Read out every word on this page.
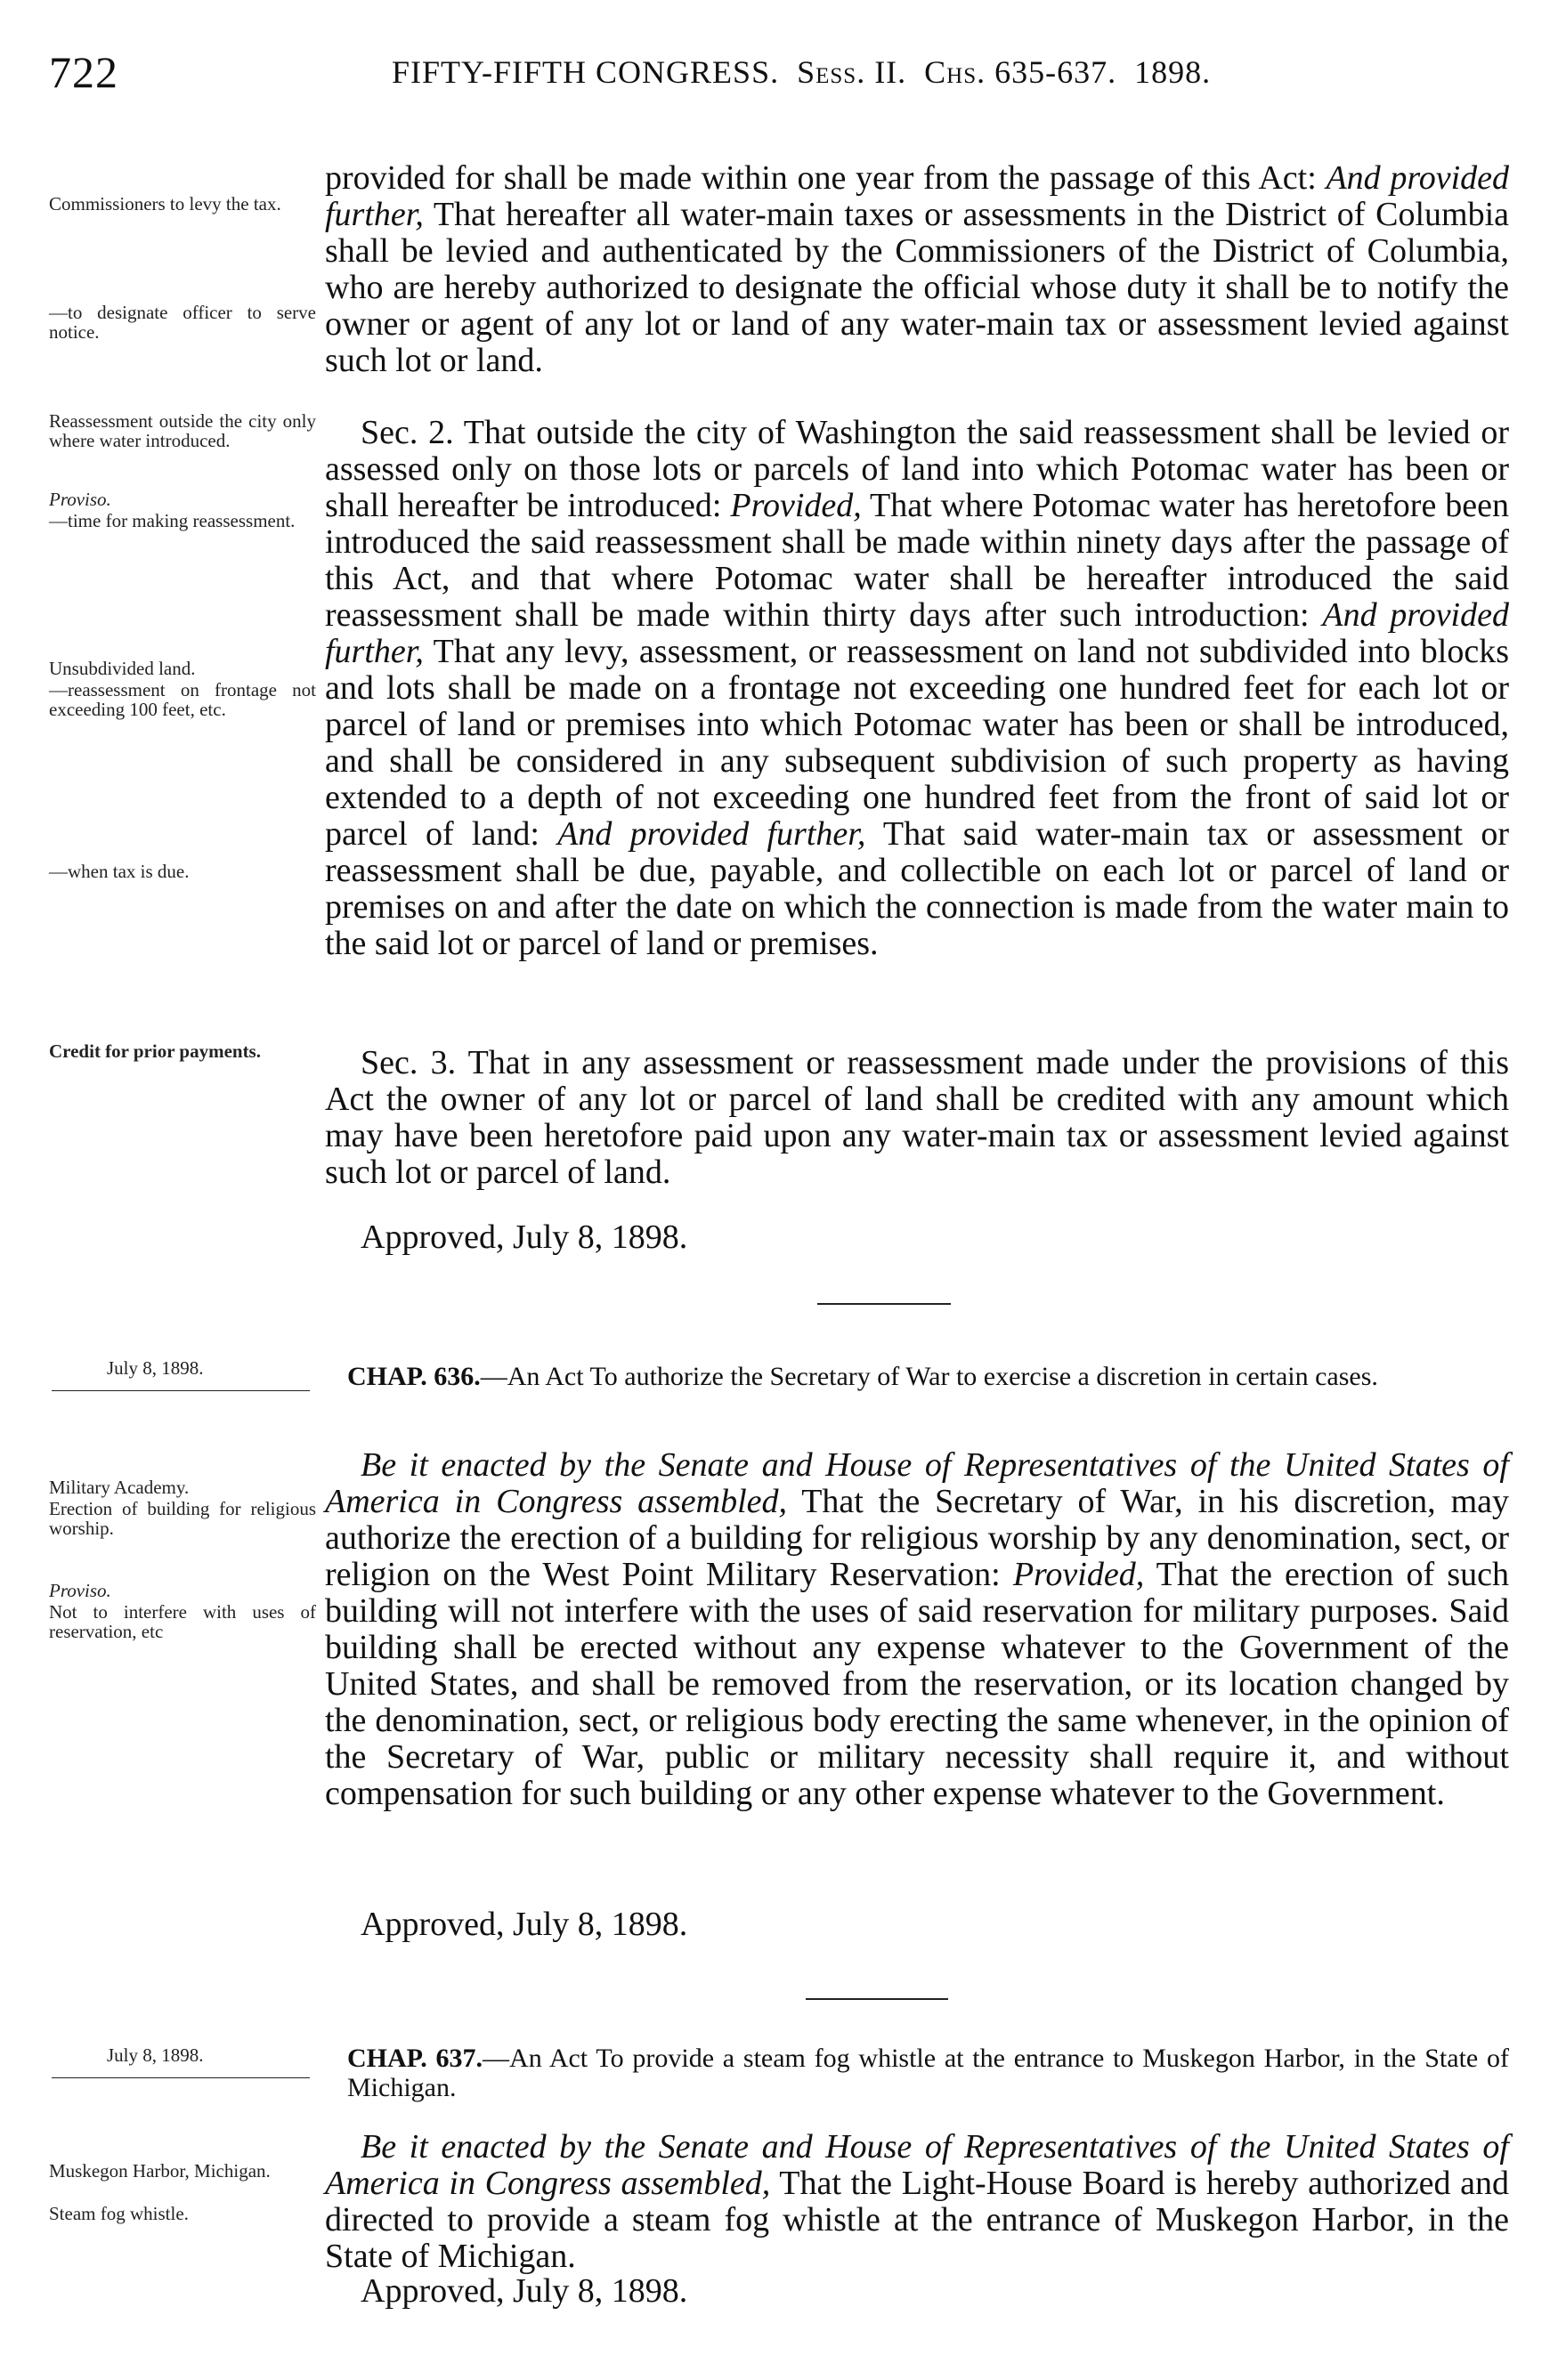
722	FIFTY-FIFTH CONGRESS. Sess. II. Chs. 635-637. 1898.
Commissioners to levy the tax.
—to designate officer to serve notice.
Reassessment outside the city only where water introduced.
Proviso.
—time for making reassessment.
Unsubdivided land.
—reassessment on frontage not exceeding 100 feet, etc.
—when tax is due.
Credit for prior payments.
July 8, 1898.
Military Academy.
Erection of building for religious worship.
Proviso.
Not to interfere with uses of reservation, etc
July 8, 1898.
Muskegon Harbor, Michigan.
Steam fog whistle.

provided for shall be made within one year from the passage of this Act: And provided further, That hereafter all water-main taxes or assessments in the District of Columbia shall be levied and authenticated by the Commissioners of the District of Columbia, who are hereby authorized to designate the official whose duty it shall be to notify the owner or agent of any lot or land of any water-main tax or assessment levied against such lot or land.

Sec. 2. That outside the city of Washington the said reassessment shall be levied or assessed only on those lots or parcels of land into which Potomac water has been or shall hereafter be introduced: Provided, That where Potomac water has heretofore been introduced the said reassessment shall be made within ninety days after the passage of this Act, and that where Potomac water shall be hereafter introduced the said reassessment shall be made within thirty days after such introduction: And provided further, That any levy, assessment, or reassessment on land not subdivided into blocks and lots shall be made on a frontage not exceeding one hundred feet for each lot or parcel of land or premises into which Potomac water has been or shall be introduced, and shall be considered in any subsequent subdivision of such property as having extended to a depth of not exceeding one hundred feet from the front of said lot or parcel of land: And provided further, That said water-main tax or assessment or reassessment shall be due, payable, and collectible on each lot or parcel of land or premises on and after the date on which the connection is made from the water main to the said lot or parcel of land or premises.

Sec. 3. That in any assessment or reassessment made under the provisions of this Act the owner of any lot or parcel of land shall be credited with any amount which may have been heretofore paid upon any water-main tax or assessment levied against such lot or parcel of land.

Approved, July 8, 1898.

CHAP. 636.—An Act To authorize the Secretary of War to exercise a discretion in certain cases.

Be it enacted by the Senate and House of Representatives of the United States of America in Congress assembled, That the Secretary of War, in his discretion, may authorize the erection of a building for religious worship by any denomination, sect, or religion on the West Point Military Reservation: Provided, That the erection of such building will not interfere with the uses of said reservation for military purposes. Said building shall be erected without any expense whatever to the Government of the United States, and shall be removed from the reservation, or its location changed by the denomination, sect, or religious body erecting the same whenever, in the opinion of the Secretary of War, public or military necessity shall require it, and without compensation for such building or any other expense whatever to the Government.

Approved, July 8, 1898.

CHAP. 637.—An Act To provide a steam fog whistle at the entrance to Muskegon Harbor, in the State of Michigan.

Be it enacted by the Senate and House of Representatives of the United States of America in Congress assembled, That the Light-House Board is hereby authorized and directed to provide a steam fog whistle at the entrance of Muskegon Harbor, in the State of Michigan.

Approved, July 8, 1898.
